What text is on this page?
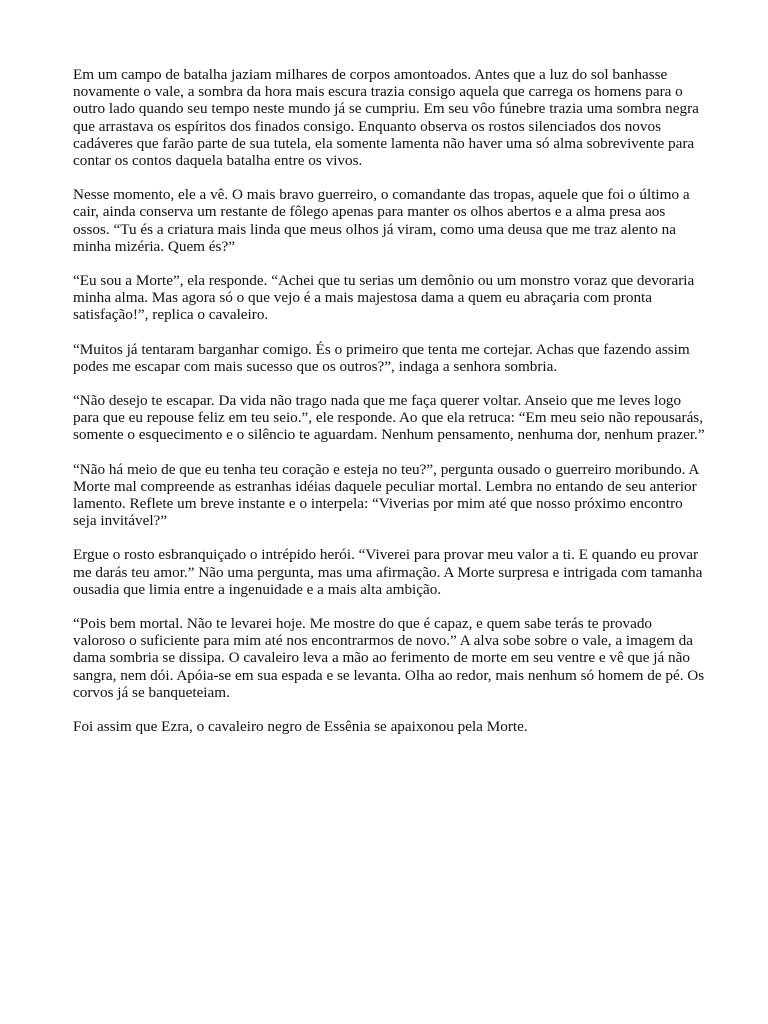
Em um campo de batalha jaziam milhares de corpos amontoados. Antes que a luz do sol banhasse novamente o vale, a sombra da hora mais escura trazia consigo aquela que carrega os homens para o outro lado quando seu tempo neste mundo já se cumpriu. Em seu vôo fúnebre trazia uma sombra negra que arrastava os espíritos dos finados consigo. Enquanto observa os rostos silenciados dos novos cadáveres que farão parte de sua tutela, ela somente lamenta não haver uma só alma sobrevivente para contar os contos daquela batalha entre os vivos.

Nesse momento, ele a vê. O mais bravo guerreiro, o comandante das tropas, aquele que foi o último a cair, ainda conserva um restante de fôlego apenas para manter os olhos abertos e a alma presa aos ossos. “Tu és a criatura mais linda que meus olhos já viram, como uma deusa que me traz alento na minha mizéria. Quem és?”

“Eu sou a Morte”, ela responde. “Achei que tu serias um demônio ou um monstro voraz que devoraria minha alma. Mas agora só o que vejo é a mais majestosa dama a quem eu abraçaria com pronta satisfação!”, replica o cavaleiro.

“Muitos já tentaram barganhar comigo. És o primeiro que tenta me cortejar. Achas que fazendo assim podes me escapar com mais sucesso que os outros?”, indaga a senhora sombria.

“Não desejo te escapar. Da vida não trago nada que me faça querer voltar. Anseio que me leves logo para que eu repouse feliz em teu seio.”, ele responde. Ao que ela retruca: “Em meu seio não repousarás, somente o esquecimento e o silêncio te aguardam. Nenhum pensamento, nenhuma dor, nenhum prazer.”

“Não há meio de que eu tenha teu coração e esteja no teu?”, pergunta ousado o guerreiro moribundo. A Morte mal compreende as estranhas idéias daquele peculiar mortal. Lembra no entando de seu anterior lamento. Reflete um breve instante e o interpela: “Viverias por mim até que nosso próximo encontro seja invitável?”

Ergue o rosto esbranquiçado o intrépido herói. “Viverei para provar meu valor a ti. E quando eu provar me darás teu amor.” Não uma pergunta, mas uma afirmação. A Morte surpresa e intrigada com tamanha ousadia que limia entre a ingenuidade e a mais alta ambição.

“Pois bem mortal. Não te levarei hoje. Me mostre do que é capaz, e quem sabe terás te provado valoroso o suficiente para mim até nos encontrarmos de novo.” A alva sobe sobre o vale, a imagem da dama sombria se dissipa. O cavaleiro leva a mão ao ferimento de morte em seu ventre e vê que já não sangra, nem dói. Apóia-se em sua espada e se levanta. Olha ao redor, mais nenhum só homem de pé. Os corvos já se banqueteiam.

Foi assim que Ezra, o cavaleiro negro de Essênia se apaixonou pela Morte.
